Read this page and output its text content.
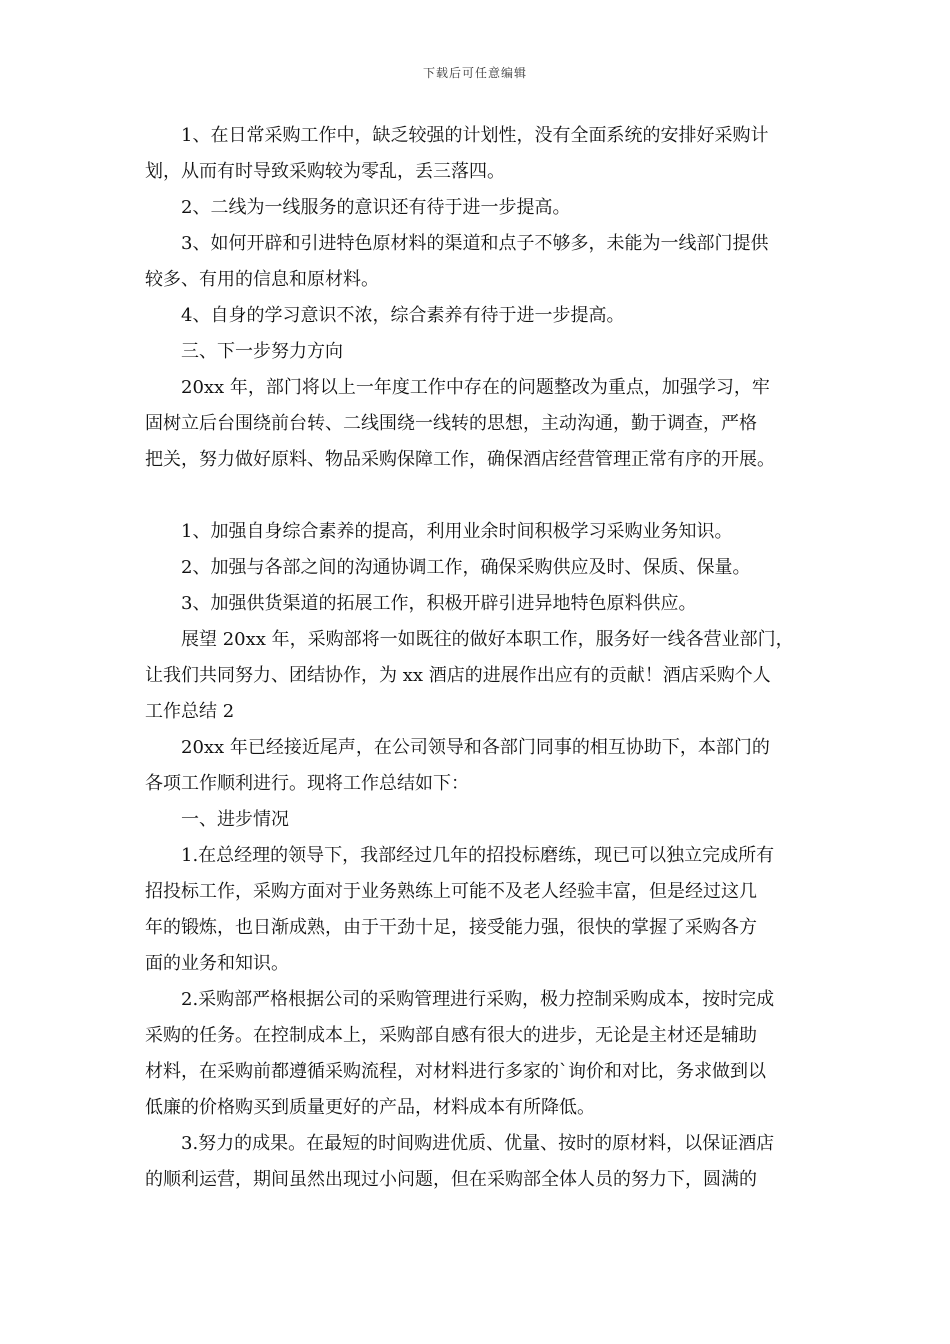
下载后可任意编辑
　　1、在日常采购工作中，缺乏较强的计划性，没有全面系统的安排好采购计
划，从而有时导致采购较为零乱，丢三落四。
　　2、二线为一线服务的意识还有待于进一步提高。
　　3、如何开辟和引进特色原材料的渠道和点子不够多，未能为一线部门提供
较多、有用的信息和原材料。
　　4、自身的学习意识不浓，综合素养有待于进一步提高。
　　三、下一步努力方向
　　20xx 年，部门将以上一年度工作中存在的问题整改为重点，加强学习，牢
固树立后台围绕前台转、二线围绕一线转的思想，主动沟通，勤于调查，严格
把关，努力做好原料、物品采购保障工作，确保酒店经营管理正常有序的开展。
　　1、加强自身综合素养的提高，利用业余时间积极学习采购业务知识。
　　2、加强与各部之间的沟通协调工作，确保采购供应及时、保质、保量。
　　3、加强供货渠道的拓展工作，积极开辟引进异地特色原料供应。
　　展望 20xx 年，采购部将一如既往的做好本职工作，服务好一线各营业部门，
让我们共同努力、团结协作，为 xx 酒店的进展作出应有的贡献！酒店采购个人
工作总结 2
　　20xx 年已经接近尾声，在公司领导和各部门同事的相互协助下，本部门的
各项工作顺利进行。现将工作总结如下：
　　一、进步情况
　　1.在总经理的领导下，我部经过几年的招投标磨练，现已可以独立完成所有
招投标工作，采购方面对于业务熟练上可能不及老人经验丰富，但是经过这几
年的锻炼，也日渐成熟，由于干劲十足，接受能力强，很快的掌握了采购各方
面的业务和知识。
　　2.采购部严格根据公司的采购管理进行采购，极力控制采购成本，按时完成
采购的任务。在控制成本上，采购部自感有很大的进步，无论是主材还是辅助
材料，在采购前都遵循采购流程，对材料进行多家的`询价和对比，务求做到以
低廉的价格购买到质量更好的产品，材料成本有所降低。
　　3.努力的成果。在最短的时间购进优质、优量、按时的原材料，以保证酒店
的顺利运营，期间虽然出现过小问题，但在采购部全体人员的努力下，圆满的
